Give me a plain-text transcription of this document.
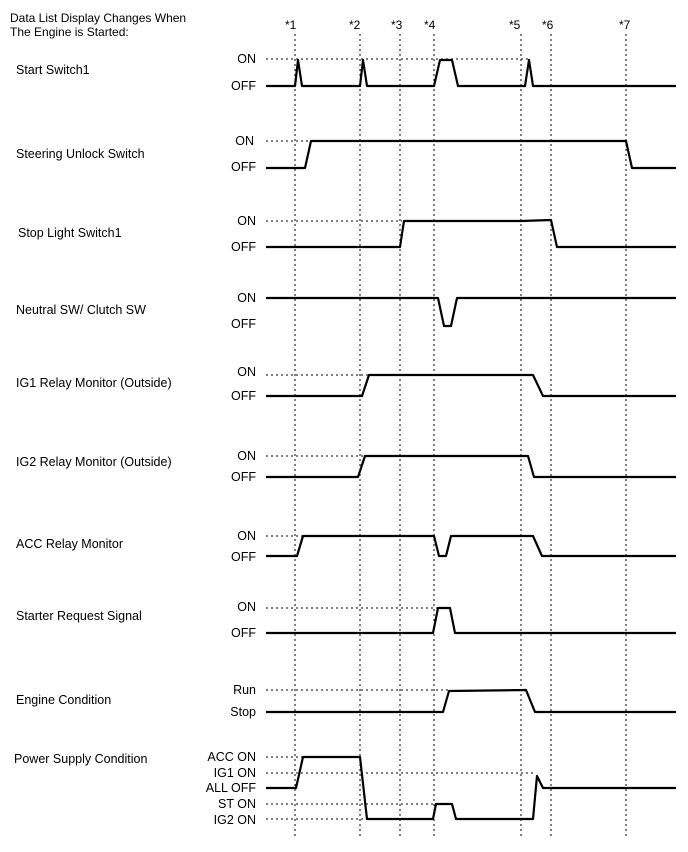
Data List Display Changes When
The Engine is Started:	*1	*2	*3 *4	*5 *6	*7
Start Switch1
Steering Unlock Switch
Stop Light Switch1
Neutral SW/ Clutch SW
IG1 Relay Monitor (Outside)
IG2 Relay Monitor (Outside)
ACC Relay Monitor
Starter Request Signal
Engine Condition
Power Supply Condition
ON
OFF
ON
OFF
ON
OFF
ON
OFF
ON
OFF
ON
OFF
ON
OFF
ON
OFF
Run
Stop
ACC ON
IG1 ON
ALL OFF
ST ON
IG2 ON
